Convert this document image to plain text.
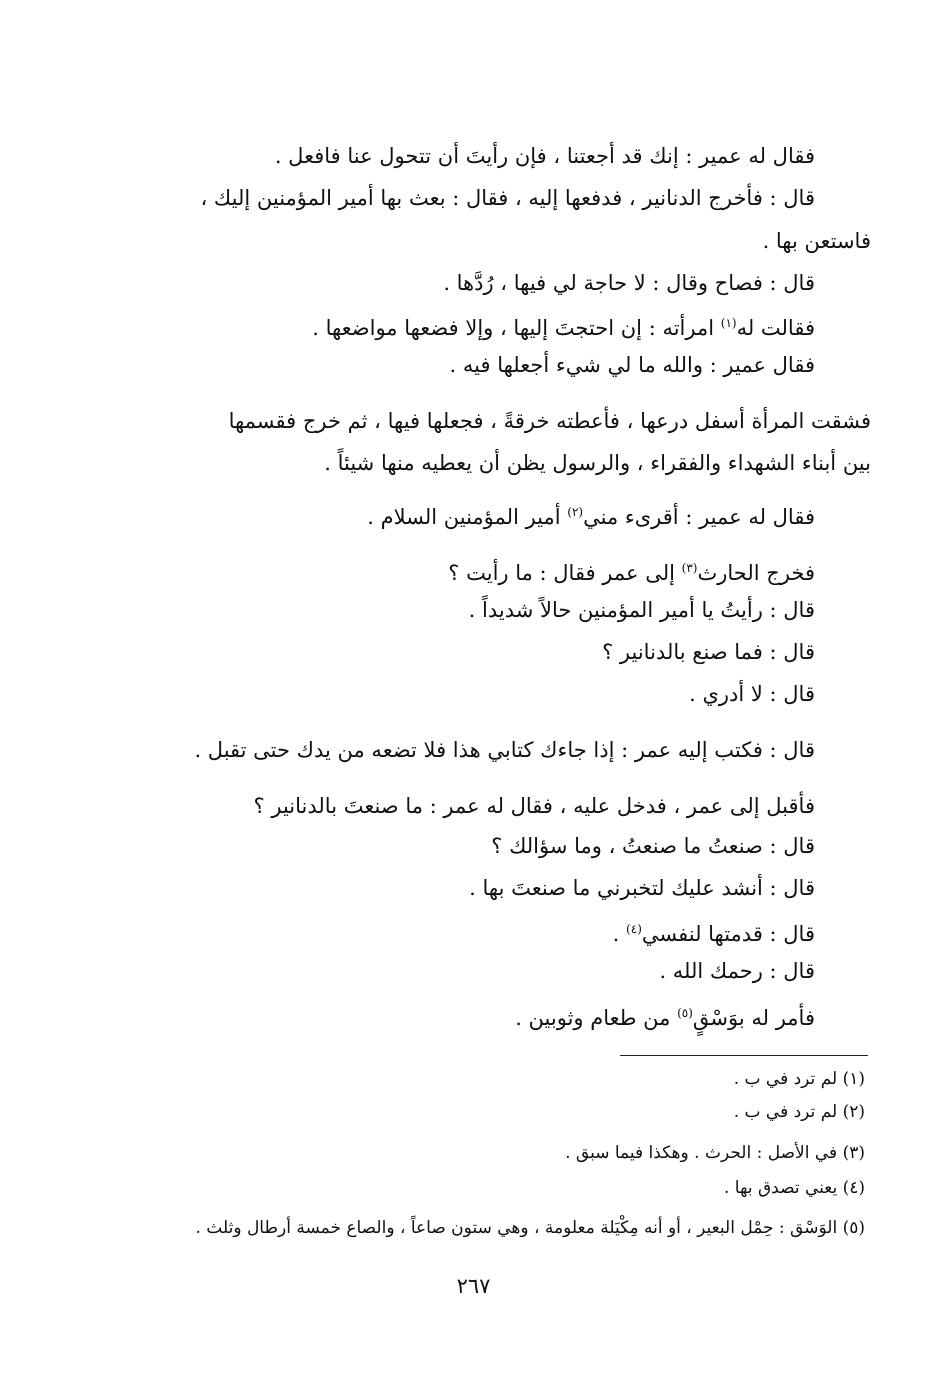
فقال له عمير : إنك قد أجعتنا ، فإن رأيتَ أن تتحول عنا فافعل .
قال : فأخرج الدنانير ، فدفعها إليه ، فقال : بعث بها أمير المؤمنين إليك ،
فاستعن بها .
قال : فصاح وقال : لا حاجة لي فيها ، رُدَّها .
فقالت له$^{(١)}$ امرأته : إن احتجتَ إليها ، وإلا فضعها مواضعها .
فقال عمير : والله ما لي شيء أجعلها فيه .
فشقت المرأة أسفل درعها ، فأعطته خرقةً ، فجعلها فيها ، ثم خرج فقسمها
بين أبناء الشهداء والفقراء ، والرسول يظن أن يعطيه منها شيئاً .
فقال له عمير : أقرىء مني$^{(٢)}$ أمير المؤمنين السلام .
فخرج الحارث$^{(٣)}$ إلى عمر فقال : ما رأيت ؟
قال : رأيتُ يا أمير المؤمنين حالاً شديداً .
قال : فما صنع بالدنانير ؟
قال : لا أدري .
قال : فكتب إليه عمر : إذا جاءك كتابي هذا فلا تضعه من يدك حتى تقبل .
فأقبل إلى عمر ، فدخل عليه ، فقال له عمر : ما صنعتَ بالدنانير ؟
قال : صنعتُ ما صنعتُ ، وما سؤالك ؟
قال : أنشد عليك لتخبرني ما صنعتَ بها .
قال : قدمتها لنفسي$^{(٤)}$ .
قال : رحمك الله .
فأمر له بوَسْقٍ$^{(٥)}$ من طعام وثوبين .
(١) لم ترد في ب .
(٢) لم ترد في ب .
(٣) في الأصل : الحرث . وهكذا فيما سبق .
(٤) يعني تصدق بها .
(٥) الوَسْق : حِمْل البعير ، أو أنه مِكْيَلة معلومة ، وهي ستون صاعاً ، والصاع خمسة أرطال وثلث .
٢٦٧
